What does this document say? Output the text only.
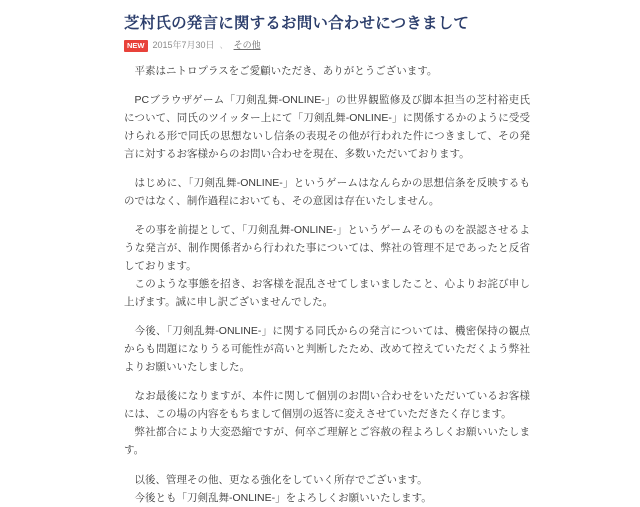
芝村氏の発言に関するお問い合わせにつきまして
NEW 2015年7月30日 、 その他

平素はニトロプラスをご愛顧いただき、ありがとうございます。

PCブラウザゲーム「刀剣乱舞-ONLINE-」の世界観監修及び脚本担当の芝村裕吏氏について、同氏のツイッター上にて「刀剣乱舞-ONLINE-」に関係するかのように受受けられる形で同氏の思想ないし信条の表現その他が行われた件につきまして、その発言に対するお客様からのお問い合わせを現在、多数いただいております。

はじめに、「刀剣乱舞-ONLINE-」というゲームはなんらかの思想信条を反映するものではなく、制作過程においても、その意図は存在いたしません。

その事を前提として、「刀剣乱舞-ONLINE-」というゲームそのものを誤認させるような発言が、制作関係者から行われた事については、弊社の管理不足であったと反省しております。

このような事態を招き、お客様を混乱させてしまいましたこと、心よりお詫び申し上げます。誠に申し訳ございませんでした。

今後、「刀剣乱舞-ONLINE-」に関する同氏からの発言については、機密保持の観点からも問題になりうる可能性が高いと判断したため、改めて控えていただくよう弊社よりお願いいたしました。

なお最後になりますが、本件に関して個別のお問い合わせをいただいているお客様には、この場の内容をもちまして個別の返答に変えさせていただきたく存じます。

弊社都合により大変恐縮ですが、何卒ご理解とご容赦の程よろしくお願いいたします。

以後、管理その他、更なる強化をしていく所存でございます。

今後とも「刀剣乱舞-ONLINE-」をよろしくお願いいたします。
